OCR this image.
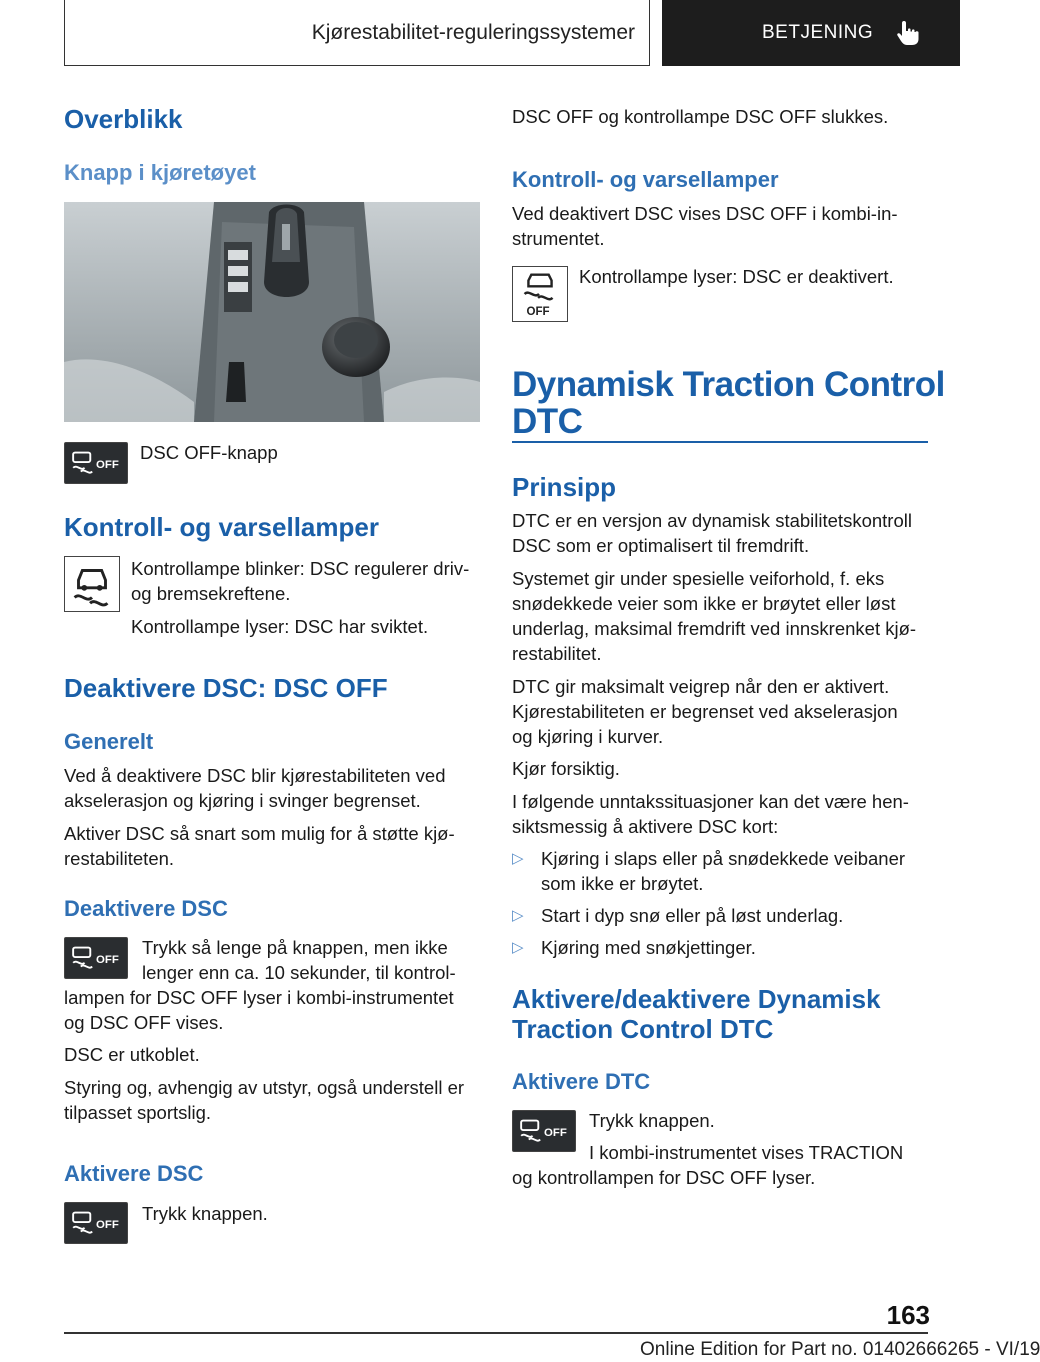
Kjørestabilitet-reguleringssystemer	BETJENING
Overblikk
Knapp i kjøretøyet
OFF
DSC OFF-knapp
Kontroll- og varsellamper
Kontrollampe blinker: DSC regulerer driv-
og bremsekreftene.
Kontrollampe lyser: DSC har sviktet.
Deaktivere DSC: DSC OFF
Generelt
Ved å deaktivere DSC blir kjørestabiliteten ved
akselerasjon og kjøring i svinger begrenset.
Aktiver DSC så snart som mulig for å støtte kjø-
restabiliteten.
Deaktivere DSC
OFF
Trykk så lenge på knappen, men ikke
lenger enn ca. 10 sekunder, til kontrol-
lampen for DSC OFF lyser i kombi-instrumentet
og DSC OFF vises.
DSC er utkoblet.
Styring og, avhengig av utstyr, også understell er
tilpasset sportslig.
Aktivere DSC
OFF
Trykk knappen.
DSC OFF og kontrollampe DSC OFF slukkes.
Kontroll- og varsellamper
Ved deaktivert DSC vises DSC OFF i kombi-in-
strumentet.
OFF
Kontrollampe lyser: DSC er deaktivert.
Dynamisk Traction Control
DTC
Prinsipp
DTC er en versjon av dynamisk stabilitetskontroll
DSC som er optimalisert til fremdrift.
Systemet gir under spesielle veiforhold, f. eks
snødekkede veier som ikke er brøytet eller løst
underlag, maksimal fremdrift ved innskrenket kjø-
restabilitet.
DTC gir maksimalt veigrep når den er aktivert.
Kjørestabiliteten er begrenset ved akselerasjon
og kjøring i kurver.
Kjør forsiktig.
I følgende unntakssituasjoner kan det være hen-
siktsmessig å aktivere DSC kort:
▷ Kjøring i slaps eller på snødekkede veibaner
som ikke er brøytet.
▷ Start i dyp snø eller på løst underlag.
▷ Kjøring med snøkjettinger.
Aktivere/deaktivere Dynamisk
Traction Control DTC
Aktivere DTC
OFF
Trykk knappen.
I kombi-instrumentet vises TRACTION
og kontrollampen for DSC OFF lyser.
163
Online Edition for Part no. 01402666265 - VI/19
